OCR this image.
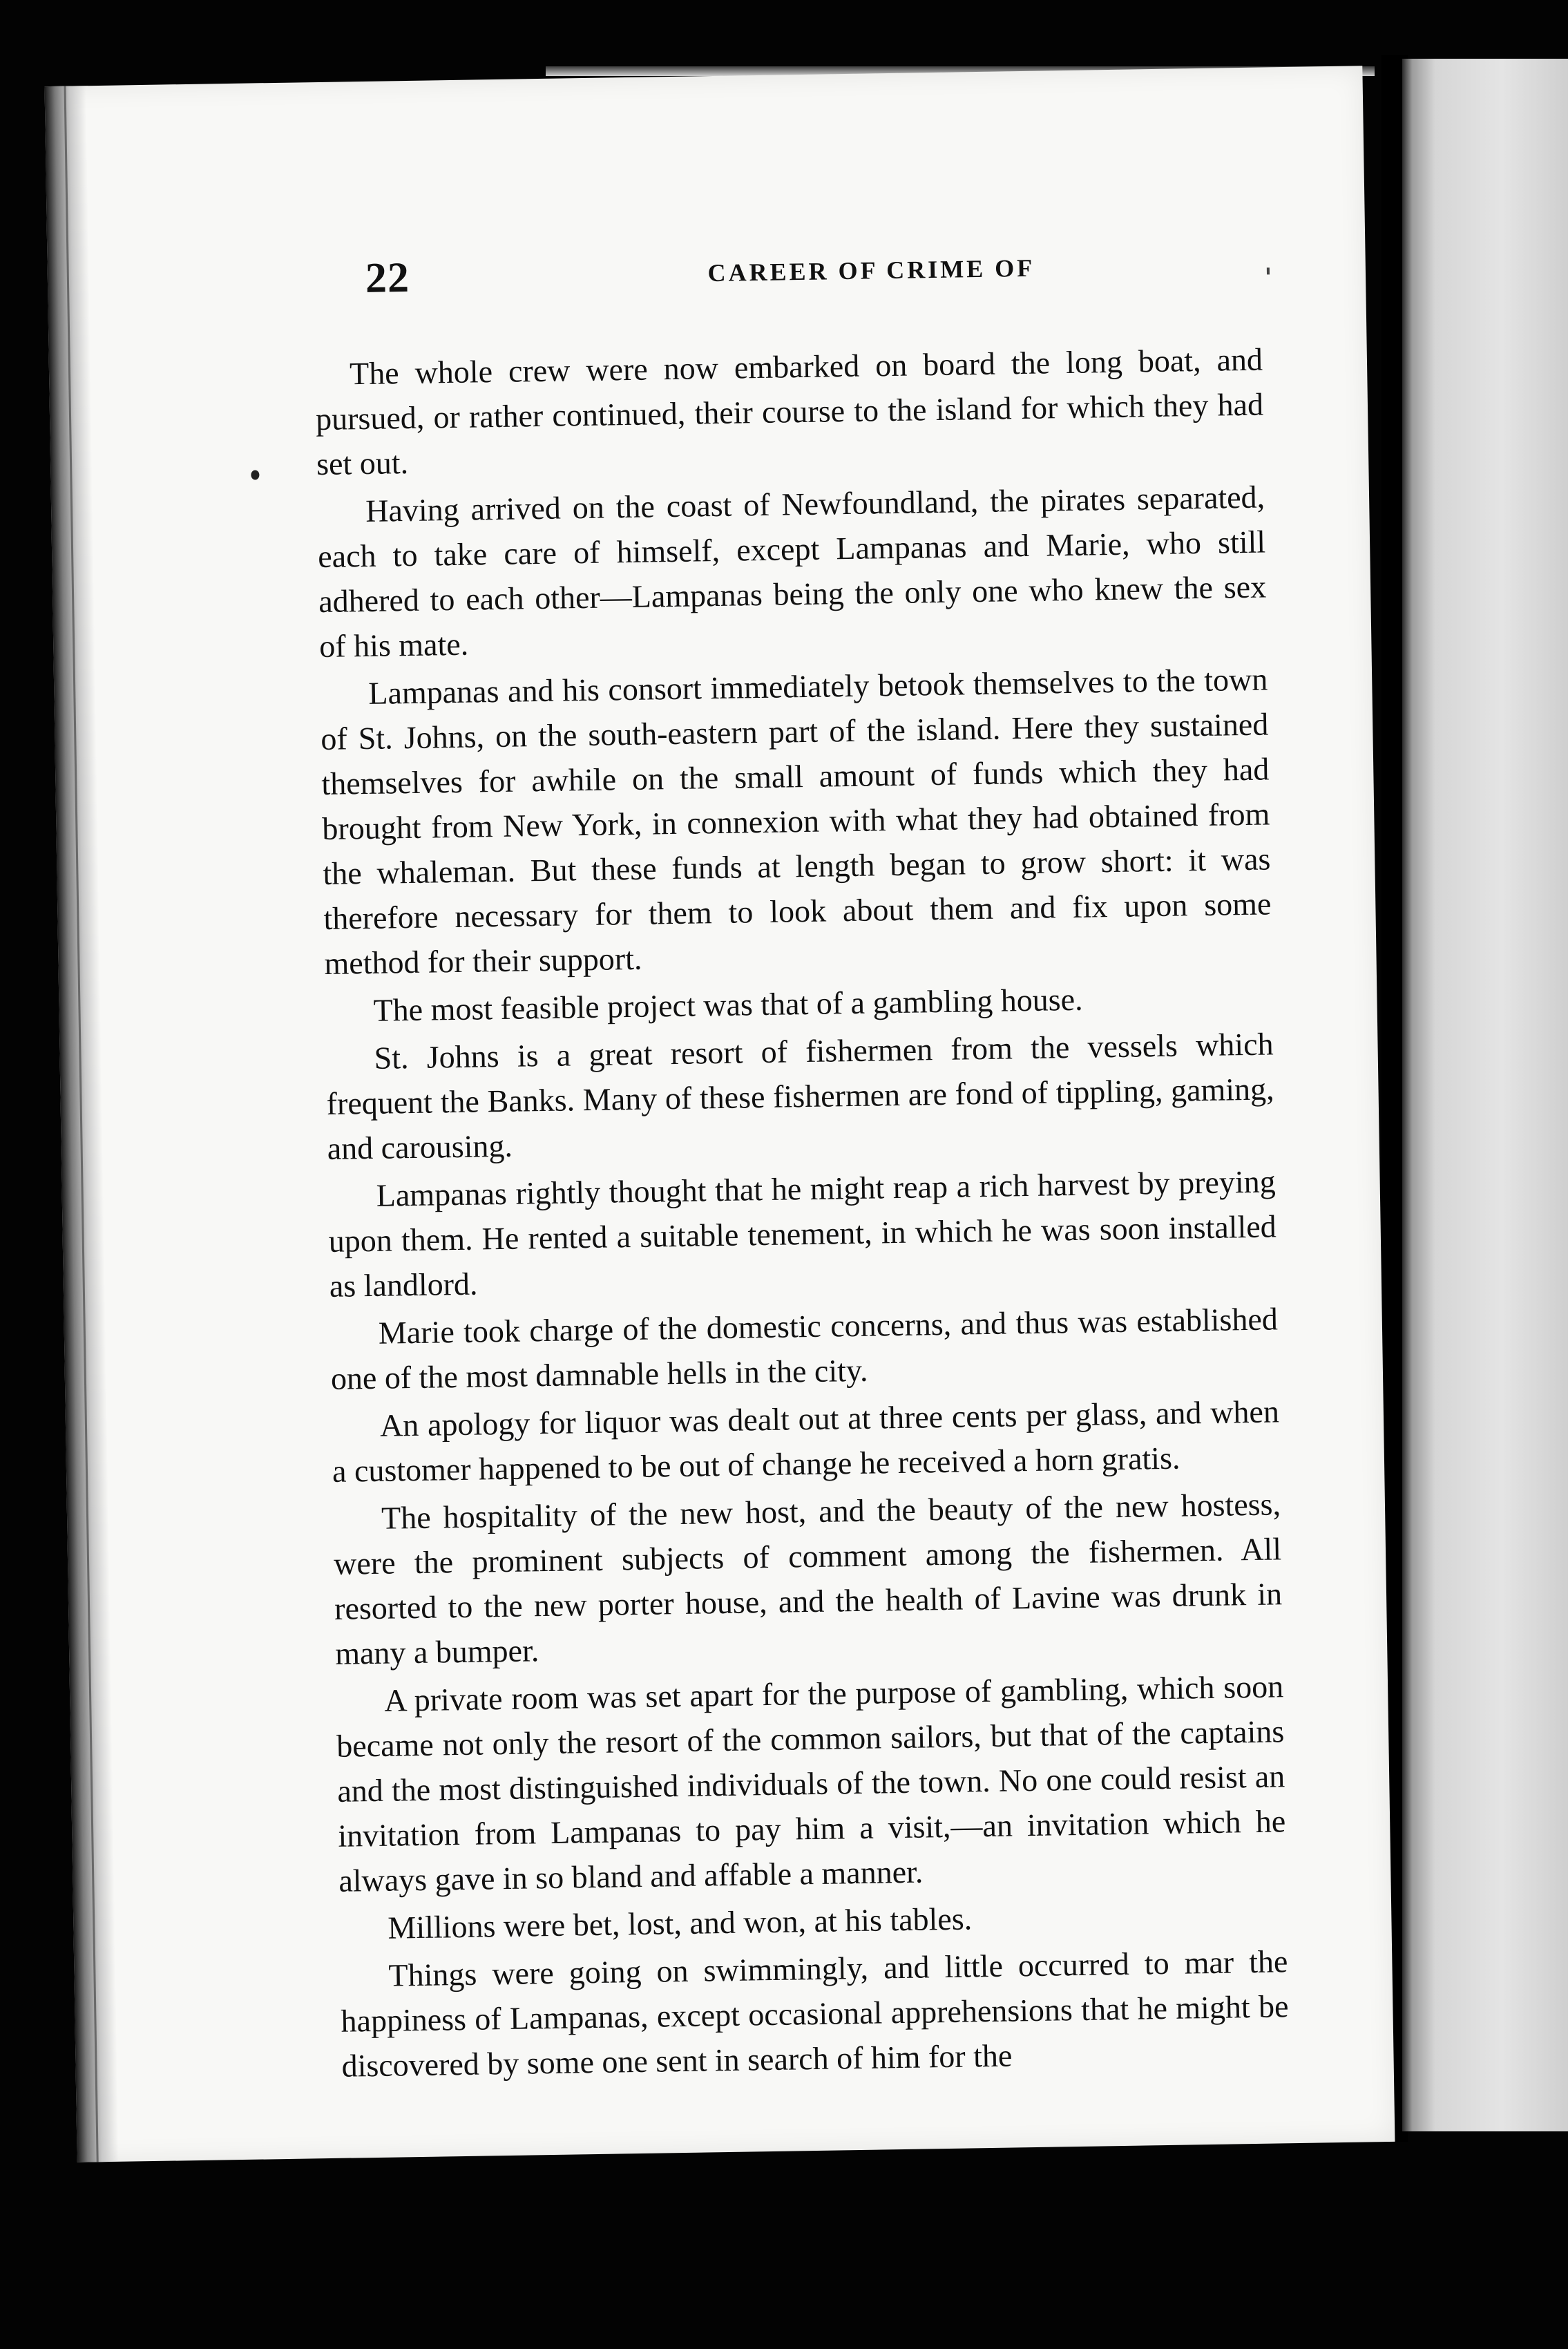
22	CAREER OF CRIME OF

The whole crew were now embarked on board the long boat, and pursued, or rather continued, their course to the island for which they had set out.

Having arrived on the coast of Newfoundland, the pirates separated, each to take care of himself, except Lampanas and Marie, who still adhered to each other—Lampanas being the only one who knew the sex of his mate.

Lampanas and his consort immediately betook themselves to the town of St. Johns, on the south-eastern part of the island. Here they sustained themselves for awhile on the small amount of funds which they had brought from New York, in connexion with what they had obtained from the whaleman. But these funds at length began to grow short: it was therefore necessary for them to look about them and fix upon some method for their support.

The most feasible project was that of a gambling house.

St. Johns is a great resort of fishermen from the vessels which frequent the Banks. Many of these fishermen are fond of tippling, gaming, and carousing.

Lampanas rightly thought that he might reap a rich harvest by preying upon them. He rented a suitable tenement, in which he was soon installed as landlord.

Marie took charge of the domestic concerns, and thus was established one of the most damnable hells in the city.

An apology for liquor was dealt out at three cents per glass, and when a customer happened to be out of change he received a horn gratis.

The hospitality of the new host, and the beauty of the new hostess, were the prominent subjects of comment among the fishermen. All resorted to the new porter house, and the health of Lavine was drunk in many a bumper.

A private room was set apart for the purpose of gambling, which soon became not only the resort of the common sailors, but that of the captains and the most distinguished individuals of the town. No one could resist an invitation from Lampanas to pay him a visit,—an invitation which he always gave in so bland and affable a manner.

Millions were bet, lost, and won, at his tables.

Things were going on swimmingly, and little occurred to mar the happiness of Lampanas, except occasional apprehensions that he might be discovered by some one sent in search of him for the
